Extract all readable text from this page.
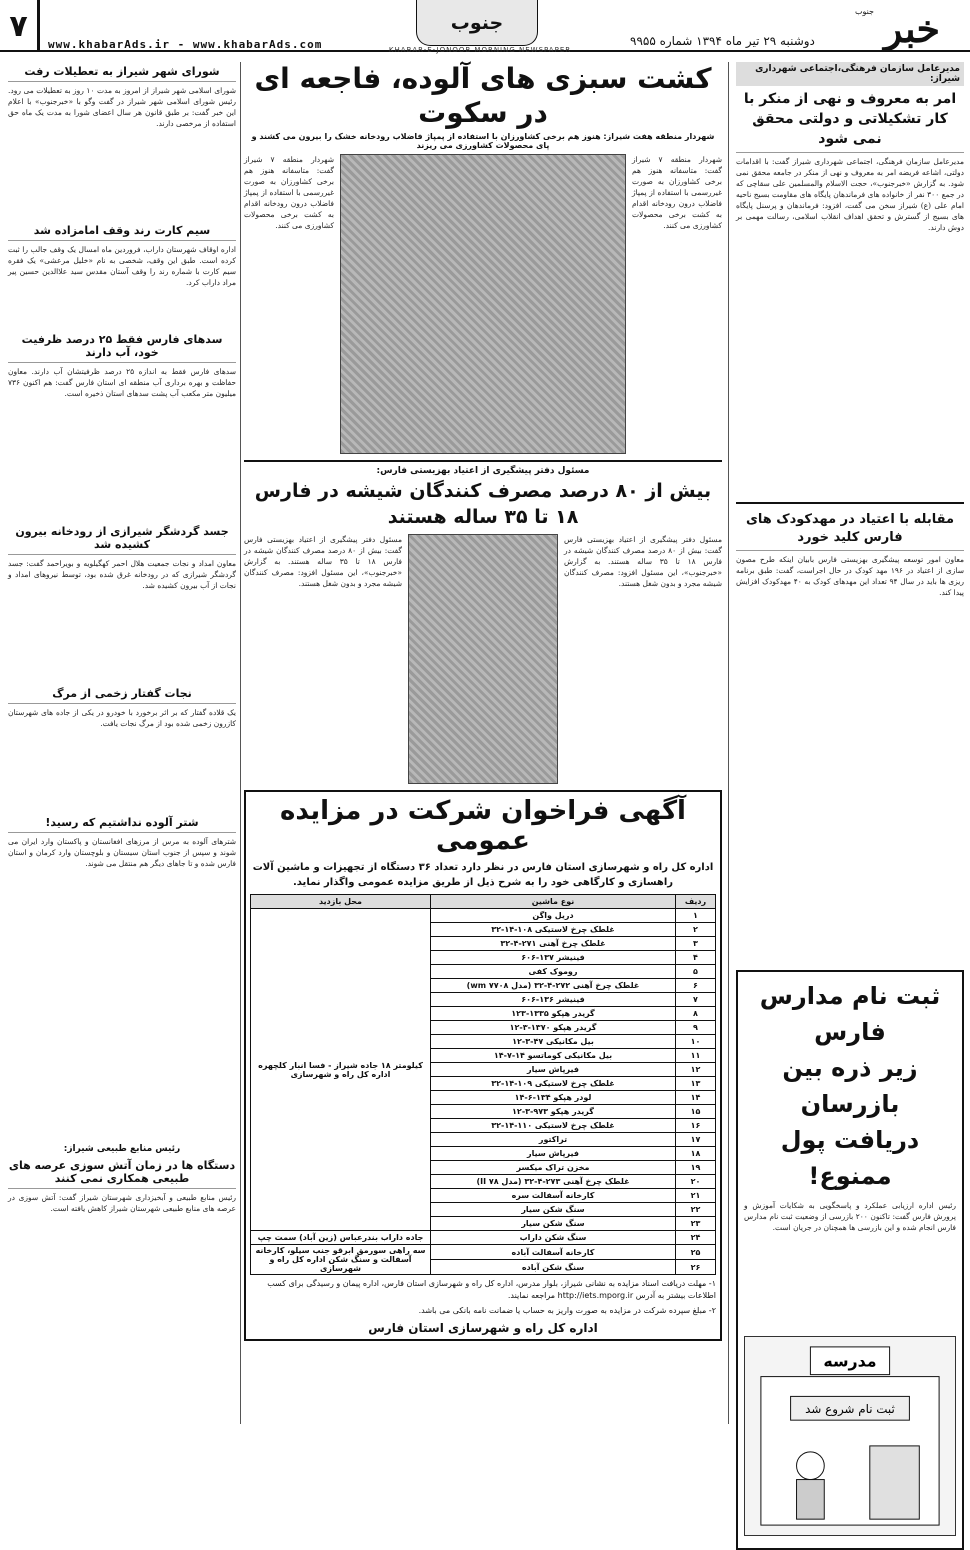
۷
www.khabarAds.ir - www.khabarAds.com
جنوب
KHABAR-E-JONOOB MORNING NEWSPAPER
دوشنبه ۲۹ تیر ماه ۱۳۹۴ شماره ۹۹۵۵ خبر
جنوب
مدیرعامل سازمان فرهنگی،اجتماعی شهرداری شیراز:
امر به معروف و نهی از منکر با کار تشکیلاتی و دولتی محقق نمی شود
مدیرعامل سازمان فرهنگی، اجتماعی شهرداری شیراز گفت: با اقدامات دولتی، اشاعه فریضه امر به معروف و نهی از منکر در جامعه محقق نمی شود. به گزارش «خبرجنوب»، حجت الاسلام والمسلمین علی سقاچی که در جمع ۳۰۰ نفر از خانواده های فرماندهان پایگاه های مقاومت بسیج ناحیه امام علی (ع) شیراز سخن می گفت، افزود: فرماندهان و پرسنل پایگاه های بسیج از گسترش و تحقق اهداف انقلاب اسلامی، رسالت مهمی بر دوش دارند.
مقابله با اعتیاد در مهدکودک های فارس کلید خورد
معاون امور توسعه پیشگیری بهزیستی فارس بابیان اینکه طرح مصون سازی از اعتیاد در ۱۹۶ مهد کودک در حال اجراست، گفت: طبق برنامه ریزی ها باید در سال ۹۴ تعداد این مهدهای کودک به ۴۰ مهدکودک افزایش پیدا کند.
ثبت نام مدارس فارس
زیر ذره بین بازرسان
دریافت پول ممنوع!
رئیس اداره ارزیابی عملکرد و پاسخگویی به شکایات آموزش و پرورش فارس گفت: تاکنون ۲۰۰ بازرسی از وضعیت ثبت نام مدارس فارس انجام شده و این بازرسی ها همچنان در جریان است.
مدرسه
ثبت نام شروع شد
کشت سبزی های آلوده، فاجعه ای در سکوت
شهردار منطقه هفت شیراز: هنوز هم برخی کشاورزان با استفاده از پمپاژ فاضلاب رودخانه خشک را بیرون می کشند و پای محصولات کشاورزی می ریزند
شهردار منطقه ۷ شیراز گفت: متاسفانه هنوز هم برخی کشاورزان به صورت غیررسمی با استفاده از پمپاژ فاضلاب درون رودخانه اقدام به کشت برخی محصولات کشاورزی می کنند.
شهردار منطقه ۷ شیراز گفت: متاسفانه هنوز هم برخی کشاورزان به صورت غیررسمی با استفاده از پمپاژ فاضلاب درون رودخانه اقدام به کشت برخی محصولات کشاورزی می کنند.
مسئول دفتر پیشگیری از اعتیاد بهزیستی فارس:
بیش از ۸۰ درصد مصرف کنندگان شیشه در فارس ۱۸ تا ۳۵ ساله هستند
مسئول دفتر پیشگیری از اعتیاد بهزیستی فارس گفت: بیش از ۸۰ درصد مصرف کنندگان شیشه در فارس ۱۸ تا ۳۵ ساله هستند. به گزارش «خبرجنوب»، این مسئول افزود: مصرف کنندگان شیشه مجرد و بدون شغل هستند.
مسئول دفتر پیشگیری از اعتیاد بهزیستی فارس گفت: بیش از ۸۰ درصد مصرف کنندگان شیشه در فارس ۱۸ تا ۳۵ ساله هستند. به گزارش «خبرجنوب»، این مسئول افزود: مصرف کنندگان شیشه مجرد و بدون شغل هستند.
آگهی فراخوان شرکت در مزایده عمومی
اداره کل راه و شهرسازی استان فارس در نظر دارد تعداد ۳۶ دستگاه از تجهیزات و ماشین آلات راهسازی و کارگاهی خود را به شرح ذیل از طریق مزایده عمومی واگذار نماید.
ردیف	نوع ماشین	محل بازدید
۱	دریل واگن	کیلومتر ۱۸ جاده شیراز - فسا انبار کلچهره اداره کل راه و شهرسازی
۲	غلطک چرخ لاستیکی ۱۰۸-۱۴-۳۲	
۳	غلطک چرخ آهنی ۲۷۱-۴-۳۲	
۴	فینیشر ۱۳۷-۶۰۶	
۵	روموک کفی	
۶	غلطک چرخ آهنی ۲۷۲-۴-۳۲ (مدل wm ۷۷۰۸)	
۷	فینیشر ۱۳۶-۶۰۶	
۸	گریدر هپکو ۱۳۳۵-۱۲۳	
۹	گریدر هپکو ۱۳۷۰-۳-۱۲	
۱۰	بیل مکانیکی ۴۷-۳-۱۲	
۱۱	بیل مکانیکی کوماتسو ۱۴-۷-۱۴	
۱۲	فیرپاش سیار	
۱۳	غلطک چرخ لاستیکی ۱۰۹-۱۴-۳۲	
۱۴	لودر هپکو ۱۳۴-۶-۱۴	
۱۵	گریدر هپکو ۹۷۳-۳-۱۲	
۱۶	غلطک چرخ لاستیکی ۱۱۰-۱۴-۳۲	
۱۷	تراکتور	
۱۸	فیرپاش سیار	
۱۹	مخزن تراک میکسر	
۲۰	غلطک چرخ آهنی ۲۷۳-۴-۳۲ (مدل ۷۸ II)	
۲۱	کارخانه آسفالت سره	
۲۲	سنگ شکن سیار	
۲۳	سنگ شکن سیار	
۲۴	سنگ شکن داراب	جاده داراب بندرعباس (زین آباد) سمت چپ
۲۵	کارخانه آسفالت آباده	سه راهی سورمق ابرقو جنب سیلو، کارخانه آسفالت و سنگ شکن اداره کل راه و شهرسازی
۲۶	سنگ شکن آباده	
۱- مهلت دریافت اسناد مزایده به نشانی شیراز، بلوار مدرس، اداره کل راه و شهرسازی استان فارس، اداره پیمان و رسیدگی برای کسب اطلاعات بیشتر به آدرس http://iets.mporg.ir مراجعه نمایند.
۲- مبلغ سپرده شرکت در مزایده به صورت واریز به حساب یا ضمانت نامه بانکی می باشد.
اداره کل راه و شهرسازی استان فارس
شورای شهر شیراز به تعطیلات رفت
شورای اسلامی شهر شیراز از امروز به مدت ۱۰ روز به تعطیلات می رود. رئیس شورای اسلامی شهر شیراز در گفت وگو با «خبرجنوب» با اعلام این خبر گفت: بر طبق قانون هر سال اعضای شورا به مدت یک ماه حق استفاده از مرخصی دارند.
سیم کارت رند وقف امامزاده شد
اداره اوقاف شهرستان داراب، فروردین ماه امسال یک وقف جالب را ثبت کرده است. طبق این وقف، شخصی به نام «خلیل مرعشی» یک فقره سیم کارت با شماره رند را وقف آستان مقدس سید علاالدین حسین پیر مراد داراب کرد.
سدهای فارس فقط ۲۵ درصد ظرفیت خود، آب دارند
سدهای فارس فقط به اندازه ۲۵ درصد ظرفیتشان آب دارند. معاون حفاظت و بهره برداری آب منطقه ای استان فارس گفت: هم اکنون ۷۳۶ میلیون متر مکعب آب پشت سدهای استان ذخیره است.
جسد گردشگر شیرازی از رودخانه بیرون کشیده شد
معاون امداد و نجات جمعیت هلال احمر کهگیلویه و بویراحمد گفت: جسد گردشگر شیرازی که در رودخانه غرق شده بود، توسط نیروهای امداد و نجات از آب بیرون کشیده شد.
نجات گفتار زخمی از مرگ
یک قلاده گفتار که بر اثر برخورد با خودرو در یکی از جاده های شهرستان کازرون زخمی شده بود از مرگ نجات یافت.
شتر آلوده نداشتیم که رسید!
شترهای آلوده به مرس از مرزهای افغانستان و پاکستان وارد ایران می شوند و سپس از جنوب استان سیستان و بلوچستان وارد کرمان و استان فارس شده و تا جاهای دیگر هم منتقل می شوند.
رئیس منابع طبیعی شیراز:
دستگاه ها در زمان آتش سوزی عرصه های طبیعی همکاری نمی کنند
رئیس منابع طبیعی و آبخیزداری شهرستان شیراز گفت: آتش سوزی در عرصه های منابع طبیعی شهرستان شیراز کاهش یافته است.
